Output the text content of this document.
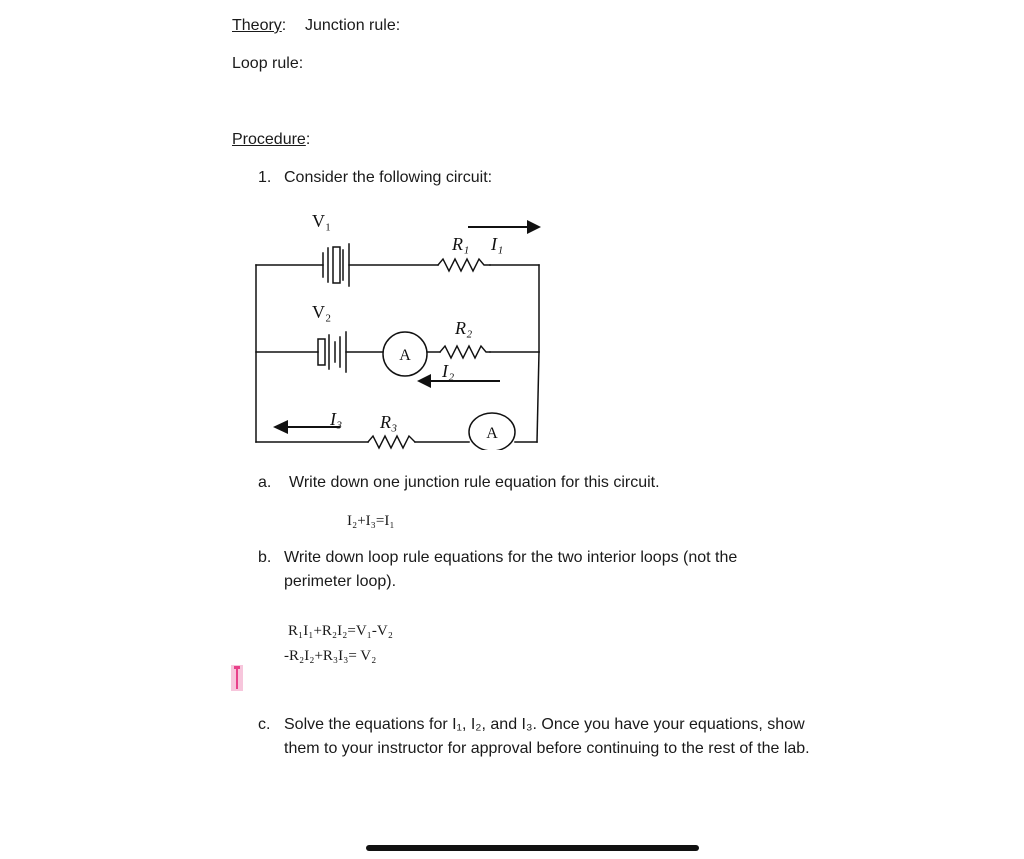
Theory: Junction rule:
Loop rule:
Procedure:
1. Consider the following circuit:
A
A
V₁
V₂
R₁ I₁
R₂
I₂
I₃ R₃
a. Write down one junction rule equation for this circuit.
I₂+I₃=I₁
b. Write down loop rule equations for the two interior loops (not the perimeter loop).
R₁I₁+R₂I₂=V₁-V₂
-R₂I₂+R₃I₃= V₂
c. Solve the equations for I₁, I₂, and I₃. Once you have your equations, show them to your instructor for approval before continuing to the rest of the lab.
